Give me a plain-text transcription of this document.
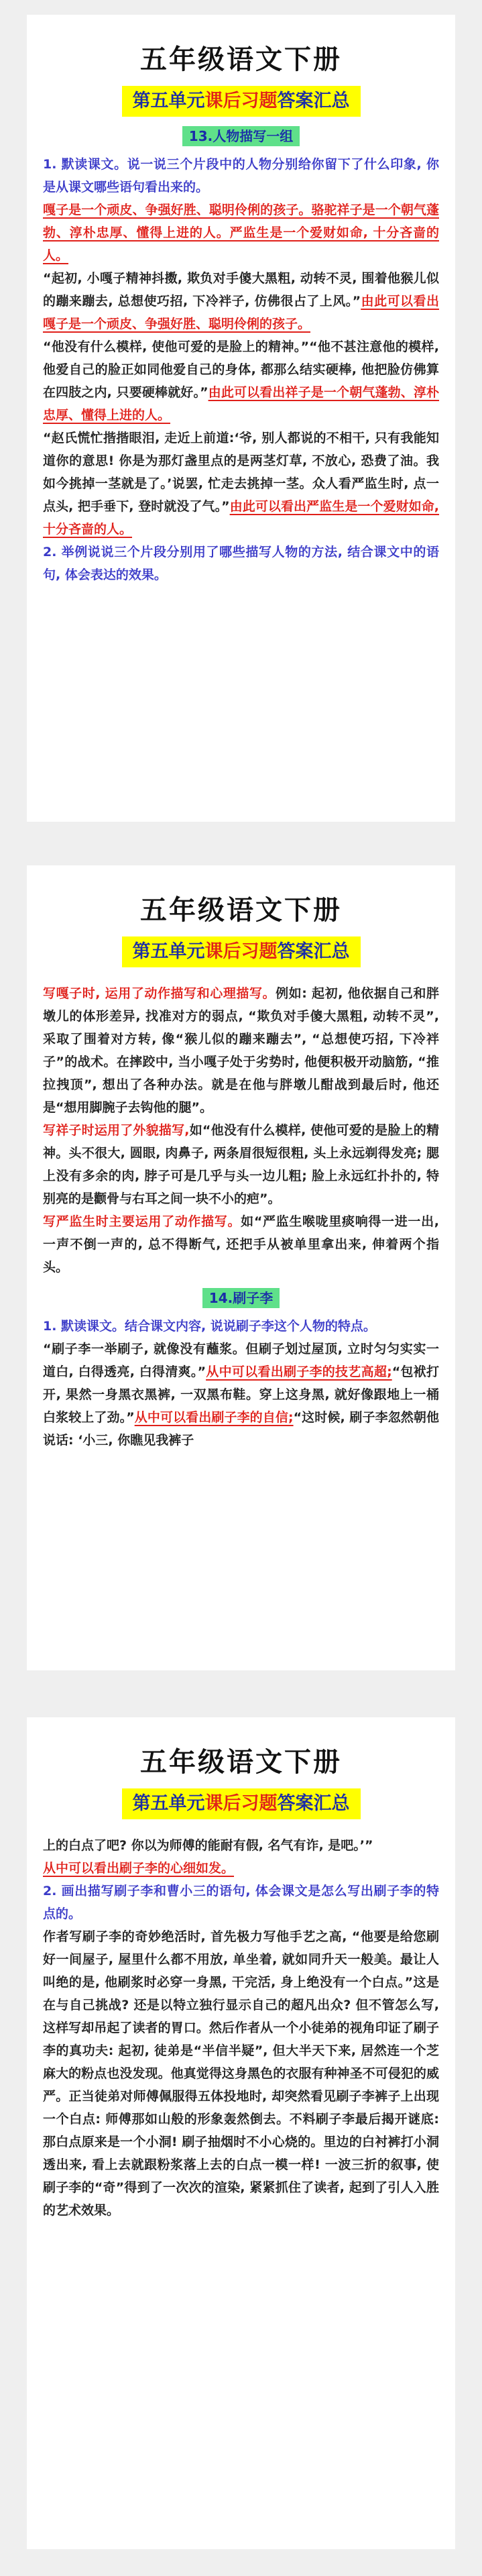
五年级语文下册
第五单元课后习题答案汇总
13.人物描写一组

1. 默读课文。说一说三个片段中的人物分别给你留下了什么印象, 你是从课文哪些语句看出来的。

嘎子是一个顽皮、争强好胜、聪明伶俐的孩子。骆驼祥子是一个朝气蓬勃、淳朴忠厚、懂得上进的人。严监生是一个爱财如命, 十分吝啬的人。

“起初, 小嘎子精神抖擞, 欺负对手傻大黑粗, 动转不灵, 围着他猴儿似的蹦来蹦去, 总想使巧招, 下冷袢子, 仿佛很占了上风。”由此可以看出嘎子是一个顽皮、争强好胜、聪明伶俐的孩子。

“他没有什么模样, 使他可爱的是脸上的精神。”“他不甚注意他的模样, 他爱自己的脸正如同他爱自己的身体, 都那么结实硬棒, 他把脸仿佛算在四肢之内, 只要硬棒就好。”由此可以看出祥子是一个朝气蓬勃、淳朴忠厚、懂得上进的人。

“赵氏慌忙揩揩眼泪, 走近上前道:‘爷, 别人都说的不相干, 只有我能知道你的意思! 你是为那灯盏里点的是两茎灯草, 不放心, 恐费了油。我如今挑掉一茎就是了。’说罢, 忙走去挑掉一茎。众人看严监生时, 点一点头, 把手垂下, 登时就没了气。”由此可以看出严监生是一个爱财如命, 十分吝啬的人。

2. 举例说说三个片段分别用了哪些描写人物的方法, 结合课文中的语句, 体会表达的效果。

五年级语文下册
第五单元课后习题答案汇总

写嘎子时, 运用了动作描写和心理描写。例如: 起初, 他依据自己和胖墩儿的体形差异, 找准对方的弱点, “欺负对手傻大黑粗, 动转不灵”, 采取了围着对方转, 像“猴儿似的蹦来蹦去”, “总想使巧招, 下冷袢子”的战术。在摔跤中, 当小嘎子处于劣势时, 他便积极开动脑筋, “推拉拽顶”, 想出了各种办法。就是在他与胖墩儿酣战到最后时, 他还是“想用脚腕子去钩他的腿”。

写祥子时运用了外貌描写,如“他没有什么模样, 使他可爱的是脸上的精神。头不很大, 圆眼, 肉鼻子, 两条眉很短很粗, 头上永远剃得发亮; 腮上没有多余的肉, 脖子可是几乎与头一边儿粗; 脸上永远红扑扑的, 特别亮的是颧骨与右耳之间一块不小的疤”。

写严监生时主要运用了动作描写。如“严监生喉咙里痰响得一进一出, 一声不倒一声的, 总不得断气, 还把手从被单里拿出来, 伸着两个指头。

14.刷子李

1. 默读课文。结合课文内容, 说说刷子李这个人物的特点。

“刷子李一举刷子, 就像没有蘸浆。但刷子划过屋顶, 立时匀匀实实一道白, 白得透亮, 白得清爽。”从中可以看出刷子李的技艺高超;“包袱打开, 果然一身黑衣黑裤, 一双黑布鞋。穿上这身黑, 就好像跟地上一桶白浆较上了劲。”从中可以看出刷子李的自信;“这时候, 刷子李忽然朝他说话: ‘小三, 你瞧见我裤子

五年级语文下册
第五单元课后习题答案汇总

上的白点了吧? 你以为师傅的能耐有假, 名气有诈, 是吧。’”

从中可以看出刷子李的心细如发。

2. 画出描写刷子李和曹小三的语句, 体会课文是怎么写出刷子李的特点的。

作者写刷子李的奇妙绝活时, 首先极力写他手艺之高, “他要是给您刷好一间屋子, 屋里什么都不用放, 单坐着, 就如同升天一般美。最让人叫绝的是, 他刷浆时必穿一身黑, 干完活, 身上绝没有一个白点。”这是在与自己挑战? 还是以特立独行显示自己的超凡出众? 但不管怎么写, 这样写却吊起了读者的胃口。然后作者从一个小徒弟的视角印证了刷子李的真功夫: 起初, 徒弟是“半信半疑”, 但大半天下来, 居然连一个芝麻大的粉点也没发现。他真觉得这身黑色的衣服有种神圣不可侵犯的威严。正当徒弟对师傅佩服得五体投地时, 却突然看见刷子李裤子上出现一个白点: 师傅那如山般的形象轰然倒去。不料刷子李最后揭开谜底: 那白点原来是一个小洞! 刷子抽烟时不小心烧的。里边的白衬裤打小洞透出来, 看上去就跟粉浆落上去的白点一模一样! 一波三折的叙事, 使刷子李的“奇”得到了一次次的渲染, 紧紧抓住了读者, 起到了引人入胜的艺术效果。
